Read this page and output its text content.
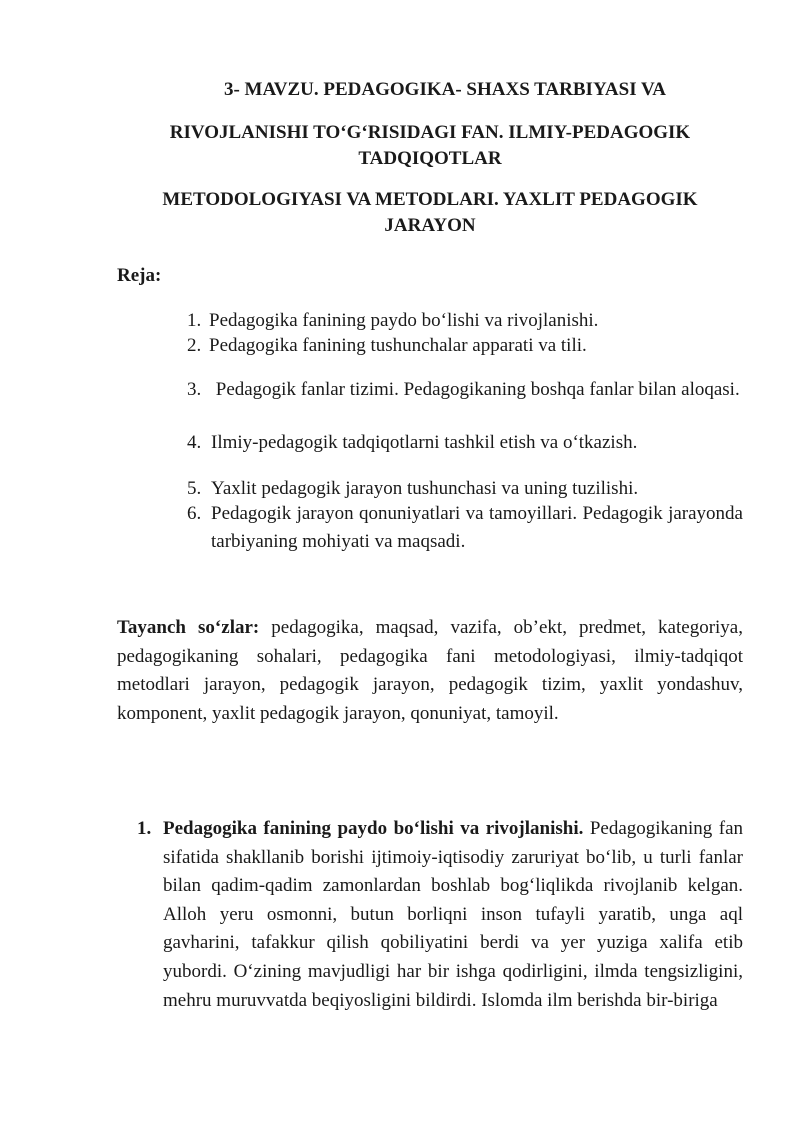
3- MAVZU. PEDAGOGIKA- SHAXS TARBIYASI VA
RIVOJLANISHI TO‘G‘RISIDAGI FAN. ILMIY-PEDAGOGIK TADQIQOTLAR
METODOLOGIYASI VA METODLARI. YAXLIT PEDAGOGIK JARAYON
Reja:
1. Pedagogika fanining paydo bo‘lishi va rivojlanishi.
2. Pedagogika fanining tushunchalar apparati va tili.
3. Pedagogik fanlar tizimi. Pedagogikaning boshqa fanlar bilan aloqasi.
4. Ilmiy-pedagogik tadqiqotlarni tashkil etish va o‘tkazish.
5. Yaxlit pedagogik jarayon tushunchasi va uning tuzilishi.
6. Pedagogik jarayon qonuniyatlari va tamoyillari. Pedagogik jarayonda tarbiyaning mohiyati va maqsadi.
Tayanch so‘zlar: pedagogika, maqsad, vazifa, ob’ekt, predmet, kategoriya, pedagogikaning sohalari, pedagogika fani metodologiyasi, ilmiy-tadqiqot metodlari jarayon, pedagogik jarayon, pedagogik tizim, yaxlit yondashuv, komponent, yaxlit pedagogik jarayon, qonuniyat, tamoyil.
1. Pedagogika fanining paydo bo‘lishi va rivojlanishi. Pedagogikaning fan sifatida shakllanib borishi ijtimoiy-iqtisodiy zaruriyat bo‘lib, u turli fanlar bilan qadim-qadim zamonlardan boshlab bog‘liqlikda rivojlanib kelgan. Alloh yeru osmonni, butun borliqni inson tufayli yaratib, unga aql gavharini, tafakkur qilish qobiliyatini berdi va yer yuziga xalifa etib yubordi. O‘zining mavjudligi har bir ishga qodirligini, ilmda tengsizligini, mehru muruvvatda beqiyosligini bildirdi. Islomda ilm berishda bir-biriga
